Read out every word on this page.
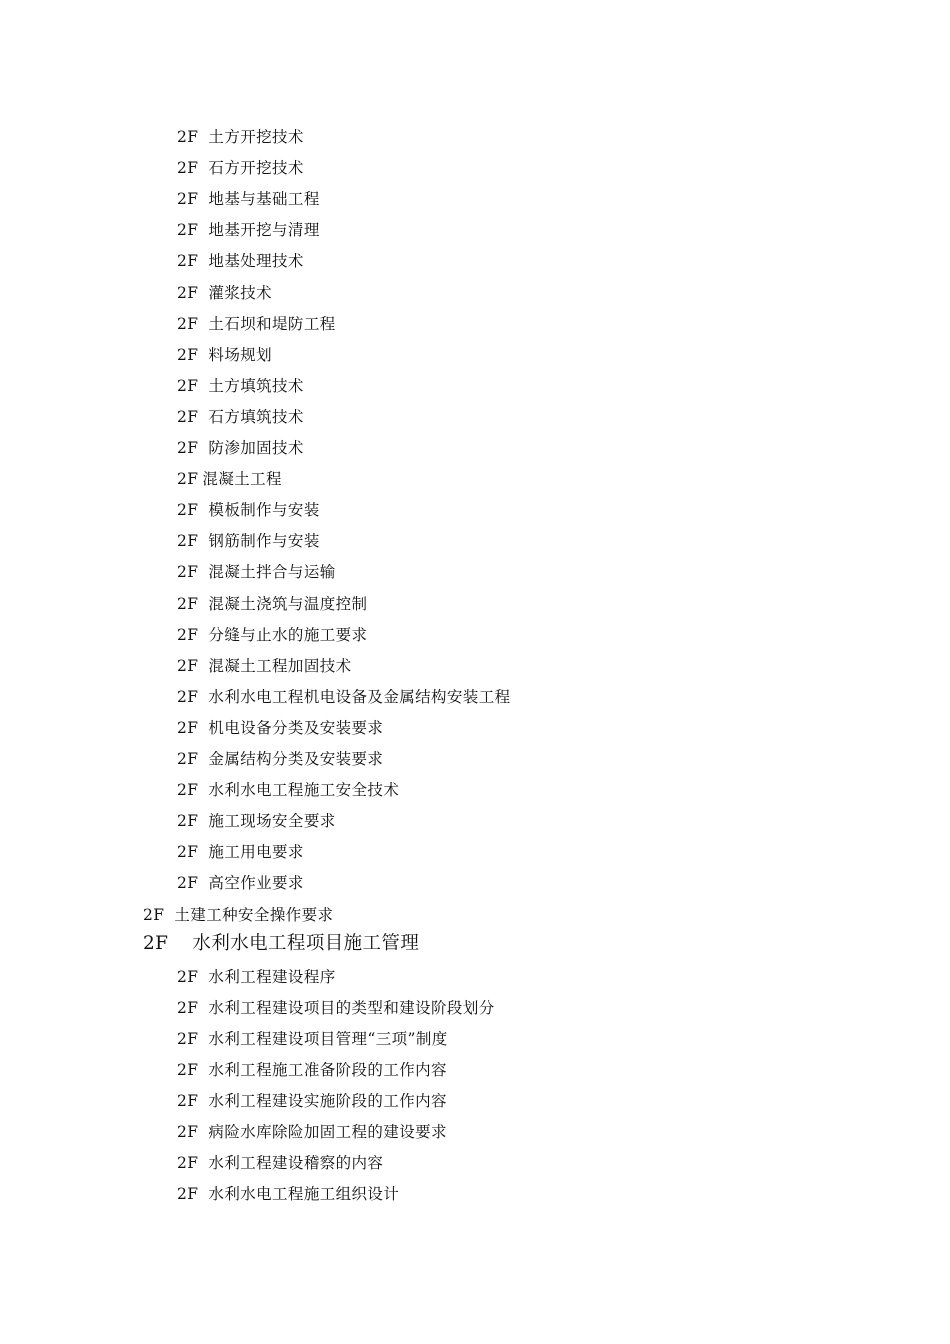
2F 土方开挖技术
2F 石方开挖技术
2F 地基与基础工程
2F 地基开挖与清理
2F 地基处理技术
2F 灌浆技术
2F 土石坝和堤防工程
2F 料场规划
2F 土方填筑技术
2F 石方填筑技术
2F 防渗加固技术
2F 混凝土工程
2F 模板制作与安装
2F 钢筋制作与安装
2F 混凝土拌合与运输
2F 混凝土浇筑与温度控制
2F 分缝与止水的施工要求
2F 混凝土工程加固技术
2F 水利水电工程机电设备及金属结构安装工程
2F 机电设备分类及安装要求
2F 金属结构分类及安装要求
2F 水利水电工程施工安全技术
2F 施工现场安全要求
2F 施工用电要求
2F 高空作业要求
2F 土建工种安全操作要求
2F 水利水电工程项目施工管理
2F 水利工程建设程序
2F 水利工程建设项目的类型和建设阶段划分
2F 水利工程建设项目管理“三项”制度
2F 水利工程施工准备阶段的工作内容
2F 水利工程建设实施阶段的工作内容
2F 病险水库除险加固工程的建设要求
2F 水利工程建设稽察的内容
2F 水利水电工程施工组织设计
